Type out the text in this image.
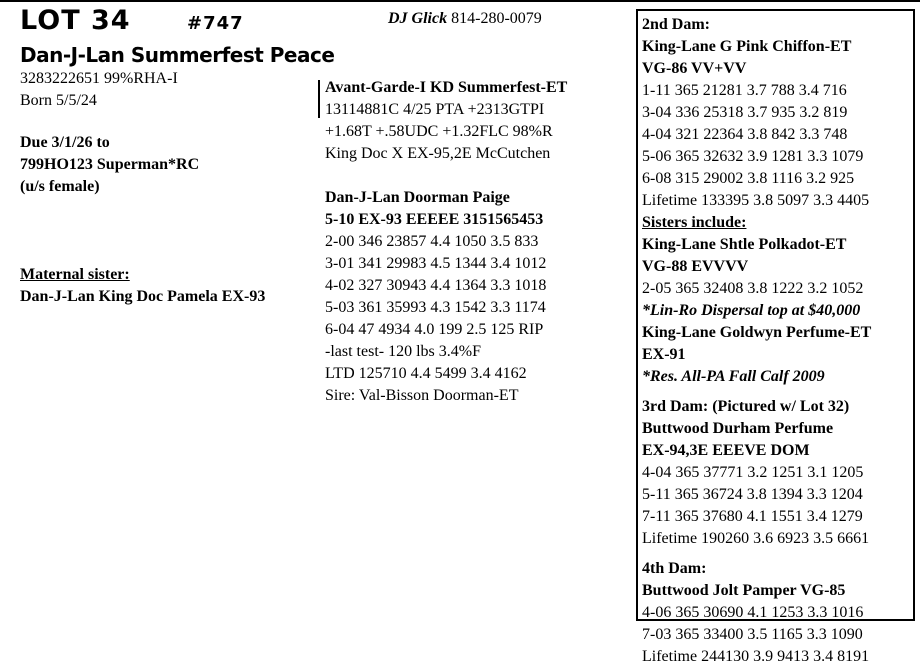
LOT 34	#747
Dan-J-Lan Summerfest Peace
3283222651 99%RHA-I
Born 5/5/24
Due 3/1/26 to
799HO123 Superman*RC
(u/s female)
Maternal sister:
Dan-J-Lan King Doc Pamela EX-93
DJ Glick 814-280-0079
Avant-Garde-I KD Summerfest-ET
13114881C 4/25 PTA +2313GTPI
+1.68T +.58UDC +1.32FLC 98%R
King Doc X EX-95,2E McCutchen
Dan-J-Lan Doorman Paige
5-10 EX-93 EEEEE 3151565453
2-00 346 23857 4.4 1050 3.5 833
3-01 341 29983 4.5 1344 3.4 1012
4-02 327 30943 4.4 1364 3.3 1018
5-03 361 35993 4.3 1542 3.3 1174
6-04 47 4934 4.0 199 2.5 125 RIP
-last test- 120 lbs 3.4%F
LTD 125710 4.4 5499 3.4 4162
Sire: Val-Bisson Doorman-ET
2nd Dam:
King-Lane G Pink Chiffon-ET
VG-86 VV+VV
1-11 365 21281 3.7 788 3.4 716
3-04 336 25318 3.7 935 3.2 819
4-04 321 22364 3.8 842 3.3 748
5-06 365 32632 3.9 1281 3.3 1079
6-08 315 29002 3.8 1116 3.2 925
Lifetime 133395 3.8 5097 3.3 4405
Sisters include:
King-Lane Shtle Polkadot-ET
VG-88 EVVVV
2-05 365 32408 3.8 1222 3.2 1052
*Lin-Ro Dispersal top at $40,000
King-Lane Goldwyn Perfume-ET
EX-91
*Res. All-PA Fall Calf 2009
3rd Dam: (Pictured w/ Lot 32)
Buttwood Durham Perfume
EX-94,3E EEEVE DOM
4-04 365 37771 3.2 1251 3.1 1205
5-11 365 36724 3.8 1394 3.3 1204
7-11 365 37680 4.1 1551 3.4 1279
Lifetime 190260 3.6 6923 3.5 6661
4th Dam:
Buttwood Jolt Pamper VG-85
4-06 365 30690 4.1 1253 3.3 1016
7-03 365 33400 3.5 1165 3.3 1090
Lifetime 244130 3.9 9413 3.4 8191
